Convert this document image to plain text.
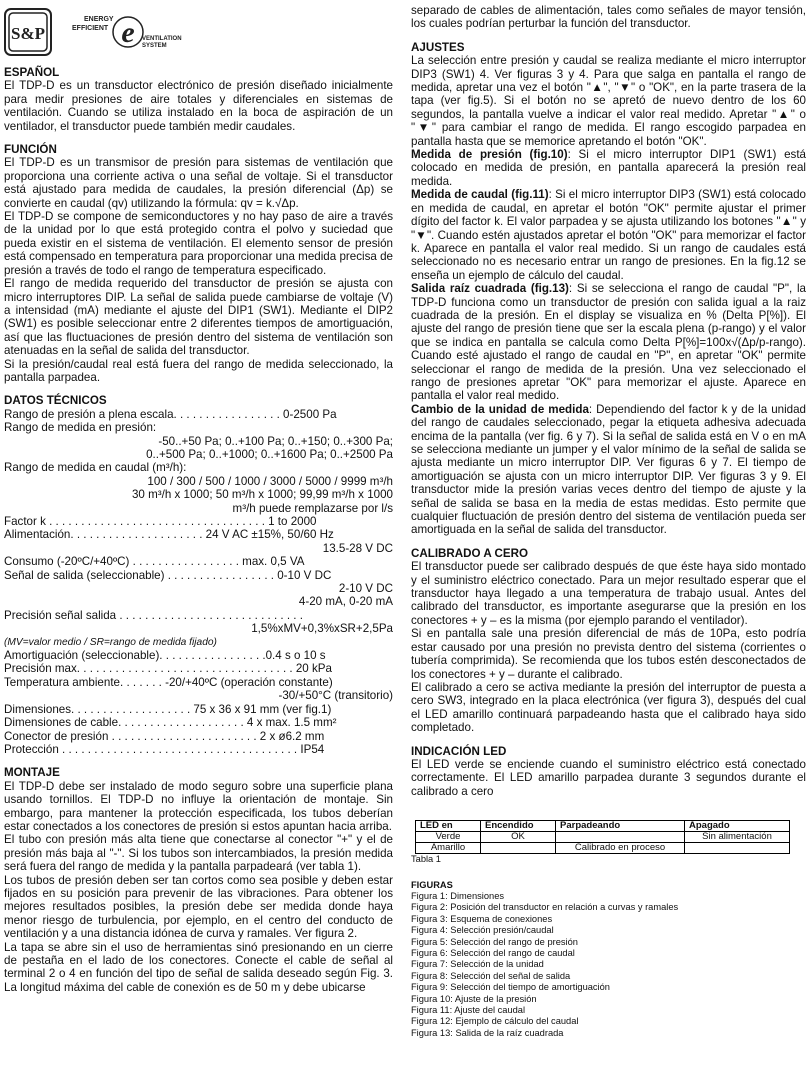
S&P
ENERGY
EFFICIENT e VENTILATION
SYSTEM
ESPAÑOL

El TDP-D es un transductor electrónico de presión diseñado inicialmente para medir presiones de aire totales y diferenciales en sistemas de ventilación. Cuando se utiliza instalado en la boca de aspiración de un ventilador, el transductor puede también medir caudales.

FUNCIÓN

El TDP-D es un transmisor de presión para sistemas de ventilación que proporciona una corriente activa o una señal de voltaje. Si el transductor está ajustado para medida de caudales, la presión diferencial (Δp) se convierte en caudal (qv) utilizando la fórmula: qv = k.√Δp.

El TDP-D se compone de semiconductores y no hay paso de aire a través de la unidad por lo que está protegido contra el polvo y suciedad que pueda existir en el sistema de ventilación. El elemento sensor de presión está compensado en temperatura para proporcionar una medida precisa de presión a través de todo el rango de temperatura especificado.

El rango de medida requerido del transductor de presión se ajusta con micro interruptores DIP. La señal de salida puede cambiarse de voltaje (V) a intensidad (mA) mediante el ajuste del DIP1 (SW1). Mediante el DIP2 (SW1) es posible seleccionar entre 2 diferentes tiempos de amortiguación, así que las fluctuaciones de presión dentro del sistema de ventilación son atenuadas en la señal de salida del transductor.

Si la presión/caudal real está fuera del rango de medida seleccionado, la pantalla parpadea.

DATOS TÉCNICOS
Rango de presión a plena escala. . . . . . . . . . . . . . . . . 0-2500 Pa
Rango de medida en presión:
-50..+50 Pa; 0..+100 Pa; 0..+150; 0..+300 Pa;
0..+500 Pa; 0..+1000; 0..+1600 Pa; 0..+2500 Pa
Rango de medida en caudal (m³/h):
100 / 300 / 500 / 1000 / 3000 / 5000 / 9999 m³/h
30 m³/h x 1000; 50 m³/h x 1000; 99,99 m³/h x 1000
m³/h puede remplazarse por l/s
Factor k . . . . . . . . . . . . . . . . . . . . . . . . . . . . . . . . . . 1 to 2000
Alimentación. . . . . . . . . . . . . . . . . . . . . 24 V AC ±15%, 50/60 Hz
13.5-28 V DC
Consumo (-20ºC/+40ºC) . . . . . . . . . . . . . . . . . max. 0,5 VA
Señal de salida (seleccionable) . . . . . . . . . . . . . . . . . 0-10 V DC
2-10 V DC
4-20 mA, 0-20 mA
Precisión señal salida . . . . . . . . . . . . . . . . . . . . . . . . . . . . .
1,5%xMV+0,3%xSR+2,5Pa
(MV=valor medio / SR=rango de medida fijado)
Amortiguación (seleccionable). . . . . . . . . . . . . . . . .0.4 s o 10 s
Precisión max. . . . . . . . . . . . . . . . . . . . . . . . . . . . . . . . . . 20 kPa
Temperatura ambiente. . . . . . . -20/+40ºC (operación constante)
-30/+50°C (transitorio)
Dimensiones. . . . . . . . . . . . . . . . . . . 75 x 36 x 91 mm (ver fig.1)
Dimensiones de cable. . . . . . . . . . . . . . . . . . . . 4 x max. 1.5 mm²
Conector de presión . . . . . . . . . . . . . . . . . . . . . . . 2 x ø6.2 mm
Protección . . . . . . . . . . . . . . . . . . . . . . . . . . . . . . . . . . . . . IP54
MONTAJE

El TDP-D debe ser instalado de modo seguro sobre una superficie plana usando tornillos. El TDP-D no influye la orientación de montaje. Sin embargo, para mantener la protección especificada, los tubos deberían estar conectados a los conectores de presión si estos apuntan hacia arriba.

El tubo con presión más alta tiene que conectarse al conector "+" y el de presión más baja al "-". Si los tubos son intercambiados, la presión medida será fuera del rango de medida y la pantalla parpadeará (ver tabla 1).

Los tubos de presión deben ser tan cortos como sea posible y deben estar fijados en su posición para prevenir de las vibraciones. Para obtener los mejores resultados posibles, la presión debe ser medida donde haya menor riesgo de turbulencia, por ejemplo, en el centro del conducto de ventilación y a una distancia idónea de curva y ramales. Ver figura 2.

La tapa se abre sin el uso de herramientas sinó presionando en un cierre de pestaña en el lado de los conectores. Conecte el cable de señal al terminal 2 o 4 en función del tipo de señal de salida deseado según Fig. 3. La longitud máxima del cable de conexión es de 50 m y debe ubicarse

separado de cables de alimentación, tales como señales de mayor tensión, los cuales podrían perturbar la función del transductor.

AJUSTES

La selección entre presión y caudal se realiza mediante el micro interruptor DIP3 (SW1) 4. Ver figuras 3 y 4. Para que salga en pantalla el rango de medida, apretar una vez el botón "▲", "▼" o "OK", en la parte trasera de la tapa (ver fig.5). Si el botón no se apretó de nuevo dentro de los 60 segundos, la pantalla vuelve a indicar el valor real medido. Apretar "▲" o "▼" para cambiar el rango de medida. El rango escogido parpadea en pantalla hasta que se memorice apretando el botón "OK".

Medida de presión (fig.10): Si el micro interruptor DIP1 (SW1) está colocado en medida de presión, en pantalla aparecerá la presión real medida.

Medida de caudal (fig.11): Si el micro interruptor DIP3 (SW1) está colocado en medida de caudal, en apretar el botón "OK" permite ajustar el primer dígito del factor k. El valor parpadea y se ajusta utilizando los botones "▲" y "▼". Cuando estén ajustados apretar el botón "OK" para memorizar el factor k. Aparece en pantalla el valor real medido. Si un rango de caudales está seleccionado no es necesario entrar un rango de presiones. En la fig.12 se enseña un ejemplo de cálculo del caudal.

Salida raíz cuadrada (fig.13): Si se selecciona el rango de caudal "P", la TDP-D funciona como un transductor de presión con salida igual a la raiz cuadrada de la presión. En el display se visualiza en % (Delta P[%]). El ajuste del rango de presión tiene que ser la escala plena (p-rango) y el valor que se indica en pantalla se calcula como Delta P[%]=100x√(Δp/p-rango). Cuando esté ajustado el rango de caudal en "P", en apretar "OK" permite seleccionar el rango de medida de la presión. Una vez seleccionado el rango de presiones apretar "OK" para memorizar el ajuste. Aparece en pantalla el valor real medido.

Cambio de la unidad de medida: Dependiendo del factor k y de la unidad del rango de caudales seleccionado, pegar la etiqueta adhesiva adecuada encima de la pantalla (ver fig. 6 y 7). Si la señal de salida está en V o en mA se selecciona mediante un jumper y el valor mínimo de la señal de salida se ajusta mediante un micro interruptor DIP. Ver figuras 6 y 7. El tiempo de amortiguación se ajusta con un micro interruptor DIP. Ver figuras 3 y 9. El transductor mide la presión varias veces dentro del tiempo de ajuste y la señal de salida se basa en la media de estas medidas. Esto permite que cualquier fluctuación de presión dentro del sistema de ventilación pueda ser amortiguada en la señal de salida del transductor.

CALIBRADO A CERO

El transductor puede ser calibrado después de que éste haya sido montado y el suministro eléctrico conectado. Para un mejor resultado esperar que el transductor haya llegado a una temperatura de trabajo usual. Antes del calibrado del transductor, es importante asegurarse que la presión en los conectores + y – es la misma (por ejemplo parando el ventilador).

Si en pantalla sale una presión diferencial de más de 10Pa, esto podría estar causado por una presión no prevista dentro del sistema (corrientes o tubería comprimida). Se recomienda que los tubos estén desconectados de los conectores + y – durante el calibrado.

El calibrado a cero se activa mediante la presión del interruptor de puesta a cero SW3, integrado en la placa electrónica (ver figura 3), después del cual el LED amarillo continuará parpadeando hasta que el calibrado haya sido completado.

INDICACIÓN LED

El LED verde se enciende cuando el suministro eléctrico está conectado correctamente. El LED amarillo parpadea durante 3 segundos durante el calibrado a cero

LED en	Encendido	Parpadeando	Apagado
Verde	OK		Sin alimentación
Amarillo		Calibrado en proceso	
Tabla 1
FIGURAS
Figura 1: Dimensiones
Figura 2: Posición del transductor en relación a curvas y ramales
Figura 3: Esquema de conexiones
Figura 4: Selección presión/caudal
Figura 5: Selección del rango de presión
Figura 6: Selección del rango de caudal
Figura 7: Selección de la unidad
Figura 8: Selección del señal de salida
Figura 9: Selección del tiempo de amortiguación
Figura 10: Ajuste de la presión
Figura 11: Ajuste del caudal
Figura 12: Ejemplo de cálculo del caudal
Figura 13: Salida de la raíz cuadrada
